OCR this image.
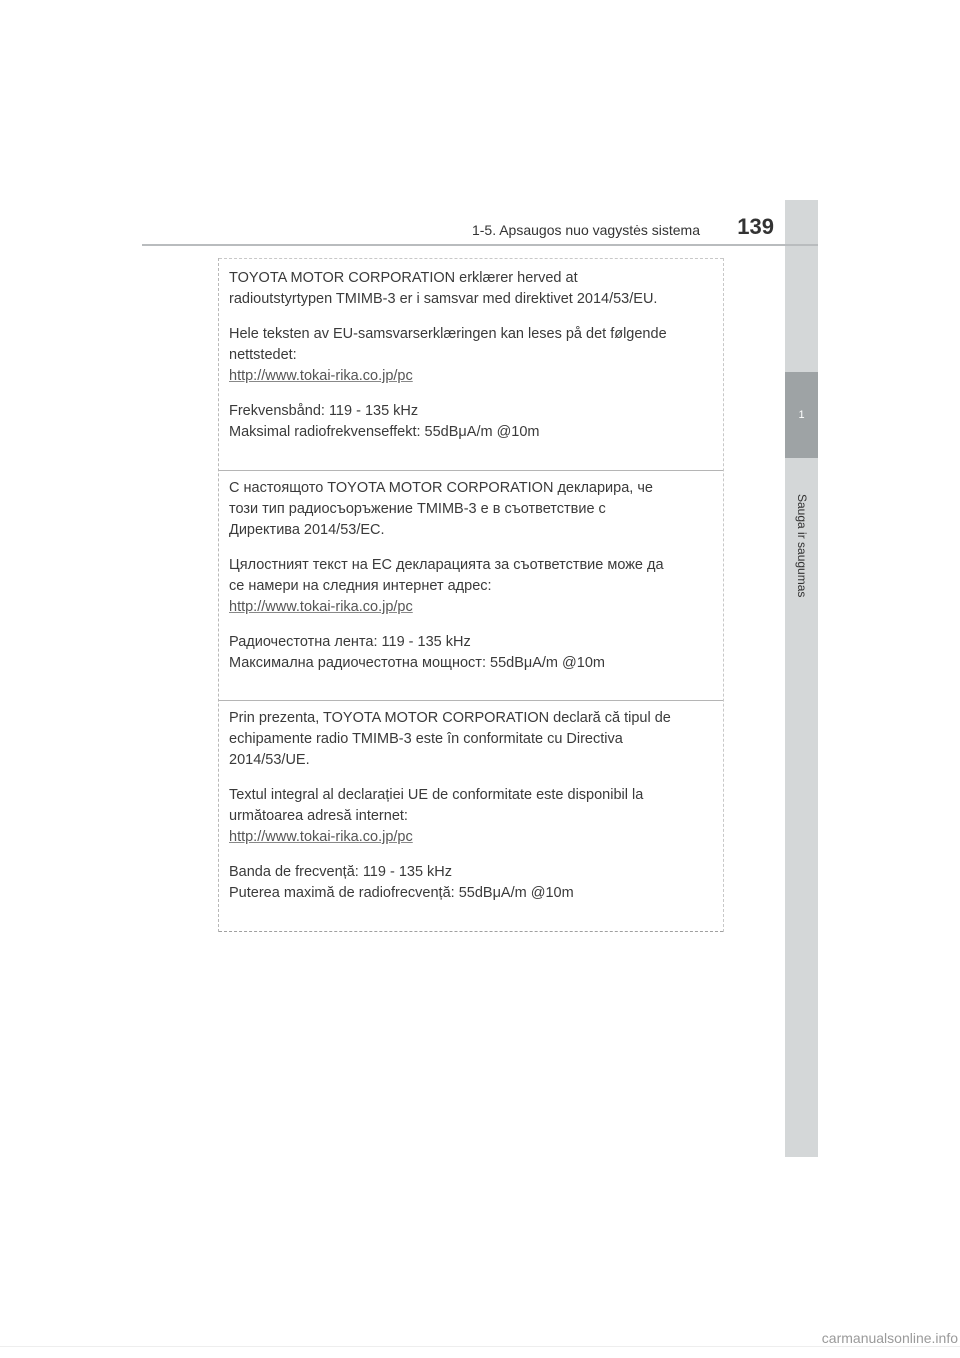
1
Sauga ir saugumas
1-5. Apsaugos nuo vagystės sistema	139
TOYOTA MOTOR CORPORATION erklærer herved at
radioutstyrtypen TMIMB-3 er i samsvar med direktivet 2014/53/EU.
Hele teksten av EU-samsvarserklæringen kan leses på det følgende
nettstedet:
http://www.tokai-rika.co.jp/pc
Frekvensbånd: 119 - 135 kHz
Maksimal radiofrekvenseffekt: 55dBμA/m @10m
С настоящото TOYOTA MOTOR CORPORATION декларира, че
този тип радиосъоръжение TMIMB-3 е в съответствие с
Директива 2014/53/ЕС.
Цялостният текст на ЕС декларацията за съответствие може да
се намери на следния интернет адрес:
http://www.tokai-rika.co.jp/pc
Радиочестотна лента: 119 - 135 kHz
Максимална радиочестотна мощност: 55dBμA/m @10m
Prin prezenta, TOYOTA MOTOR CORPORATION declară că tipul de
echipamente radio TMIMB-3 este în conformitate cu Directiva
2014/53/UE.
Textul integral al declarației UE de conformitate este disponibil la
următoarea adresă internet:
http://www.tokai-rika.co.jp/pc
Banda de frecvență: 119 - 135 kHz
Puterea maximă de radiofrecvență: 55dBμA/m @10m
carmanualsonline.info
